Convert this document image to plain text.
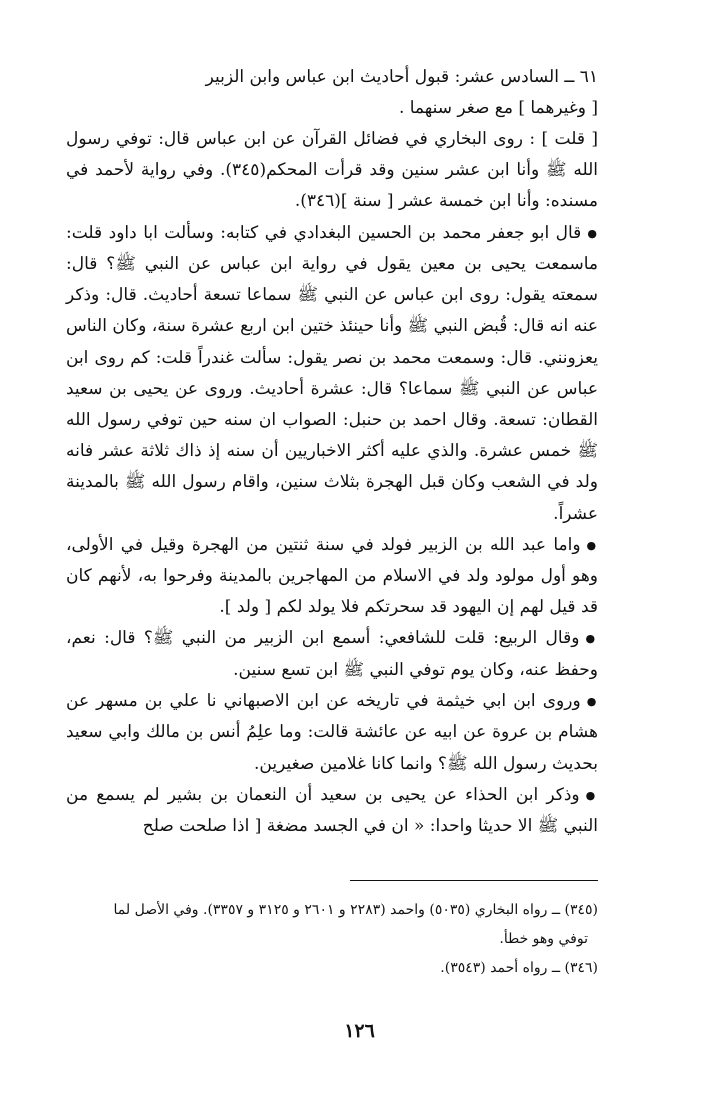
٦١ ــ السادس عشر: قبول أحاديث ابن عباس وابن الزبير
[ وغيرهما ] مع صغر سنهما .

[ قلت ] : روى البخاري في فضائل القرآن عن ابن عباس قال: توفي رسول الله ﷺ وأنا ابن عشر سنين وقد قرأت المحكم(٣٤٥). وفي رواية لأحمد في مسنده: وأنا ابن خمسة عشر [ سنة ](٣٤٦).

●قال ابو جعفر محمد بن الحسين البغدادي في كتابه: وسألت ابا داود قلت: ماسمعت يحيى بن معين يقول في رواية ابن عباس عن النبي ﷺ؟ قال: سمعته يقول: روى ابن عباس عن النبي ﷺ سماعا تسعة أحاديث. قال: وذكر عنه انه قال: قُبض النبي ﷺ وأنا حينئذ ختين ابن اربع عشرة سنة، وكان الناس يعزونني. قال: وسمعت محمد بن نصر يقول: سألت غندراً قلت: كم روى ابن عباس عن النبي ﷺ سماعا؟ قال: عشرة أحاديث. وروى عن يحيى بن سعيد القطان: تسعة. وقال احمد بن حنبل: الصواب ان سنه حين توفي رسول الله ﷺ خمس عشرة. والذي عليه أكثر الاخباريين أن سنه إذ ذاك ثلاثة عشر فانه ولد في الشعب وكان قبل الهجرة بثلاث سنين، واقام رسول الله ﷺ بالمدينة عشراً.

●واما عبد الله بن الزبير فولد في سنة ثنتين من الهجرة وقيل في الأولى، وهو أول مولود ولد في الاسلام من المهاجرين بالمدينة وفرحوا به، لأنهم كان قد قيل لهم إن اليهود قد سحرتكم فلا يولد لكم [ ولد ].

●وقال الربيع: قلت للشافعي: أسمع ابن الزبير من النبي ﷺ؟ قال: نعم، وحفظ عنه، وكان يوم توفي النبي ﷺ ابن تسع سنين.

●وروى ابن ابي خيثمة في تاريخه عن ابن الاصبهاني نا علي بن مسهر عن هشام بن عروة عن ابيه عن عائشة قالت: وما علِمُ أنس بن مالك وابي سعيد بحديث رسول الله ﷺ؟ وانما كانا غلامين صغيرين.

●وذكر ابن الحذاء عن يحيى بن سعيد أن النعمان بن بشير لم يسمع من النبي ﷺ الا حديثا واحدا: « ان في الجسد مضغة [ اذا صلحت صلح

(٣٤٥) ــ رواه البخاري (٥٠٣٥) واحمد (٢٢٨٣ و ٢٦٠١ و ٣١٢٥ و ٣٣٥٧). وفي الأصل لما

توفي وهو خطأ.

(٣٤٦) ــ رواه أحمد (٣٥٤٣).

١٢٦
